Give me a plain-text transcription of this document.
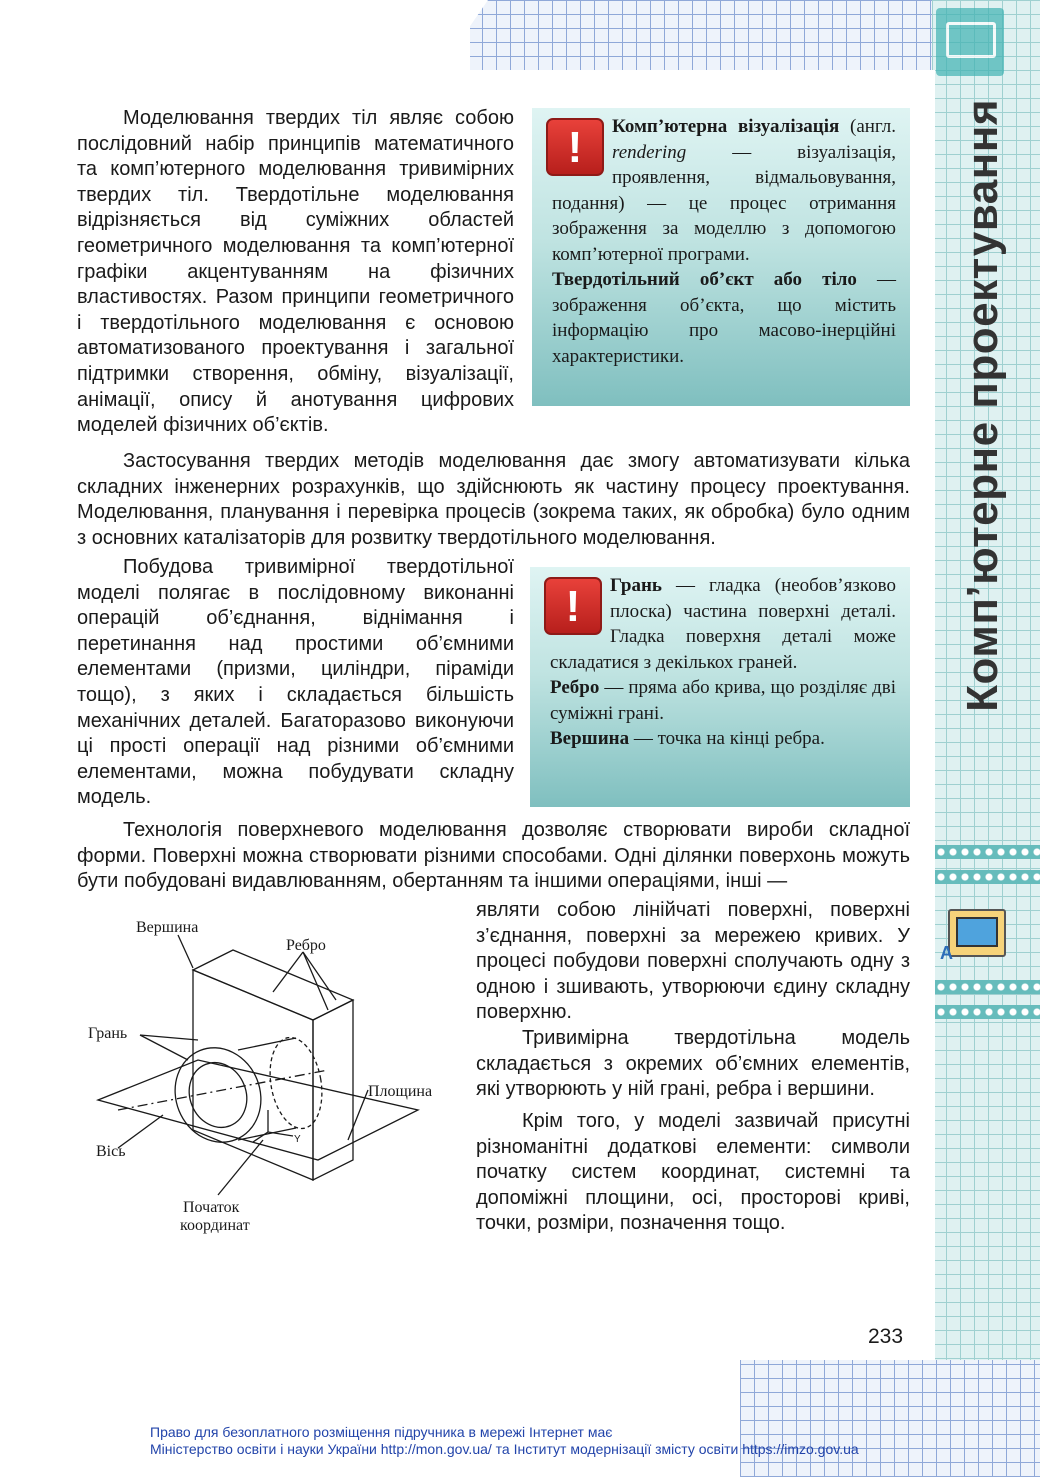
Комп’ютерне проектування
A

Моделювання твердих тіл являє собою послідовний набір принципів математичного та комп’ютерного моделювання тривимірних твердих тіл. Твердотільне моделювання відрізняється від суміжних областей геометричного моделювання та комп’ютерної графіки акцентуванням на фізичних властивостях. Разом принципи геометричного і твердотільного моделювання є основою автоматизованого проектування і загальної підтримки створення, обміну, візуалізації, анімації, опису й анотування цифрових моделей фізичних об’єктів.

!	Комп’ютерна візуалізація (англ. rendering — візуалізація, проявлення, відмальовування, подання) — це процес отримання зображення за моделлю з допомогою комп’ютерної програми.

Твердотільний об’єкт або тіло — зображення об’єкта, що містить інформацію про масово-інерційні характеристики.

Застосування твердих методів моделювання дає змогу автоматизувати кілька складних інженерних розрахунків, що здійснюють як частину процесу проектування. Моделювання, планування і перевірка процесів (зокрема таких, як обробка) було одним з основних каталізаторів для розвитку твердотільного моделювання.

Побудова тривимірної твердотільної моделі полягає в послідовному виконанні операцій об’єднання, віднімання і перетинання над простими об’ємними елементами (призми, циліндри, піраміди тощо), з яких і складається більшість механічних деталей. Багаторазово виконуючи ці прості операції над різними об’ємними елементами, можна побудувати складну модель.

!	Грань — гладка (необов’язково плоска) частина поверхні деталі. Гладка поверхня деталі може складатися з декількох граней.

Ребро — пряма або крива, що розділяє дві суміжні грані.

Вершина — точка на кінці ребра.

Технологія поверхневого моделювання дозволяє створювати вироби складної форми. Поверхні можна створювати різними способами. Одні ділянки поверхонь можуть бути побудовані видавлюванням, обертанням та іншими операціями, інші —

являти собою лінійчаті поверхні, поверхні з’єднання, поверхні за мережею кривих. У процесі побудови поверхні сполучають одну з одною і зшивають, утворюючи єдину складну поверхню.

Тривимірна твердотільна модель складається з окремих об’ємних елементів, які утворюють у ній грані, ребра і вершини.

Крім того, у моделі зазвичай присутні різноманітні додаткові елементи: символи початку систем координат, системні та допоміжні площини, осі, просторові криві, точки, розміри, позначення тощо.

Вершина
Ребро
Грань
Площина
Вісь
Початок
координат
Y
233
Право для безоплатного розміщення підручника в мережі Інтернет має
Міністерство освіти і науки України http://mon.gov.ua/ та Інститут модернізації змісту освіти https://imzo.gov.ua
